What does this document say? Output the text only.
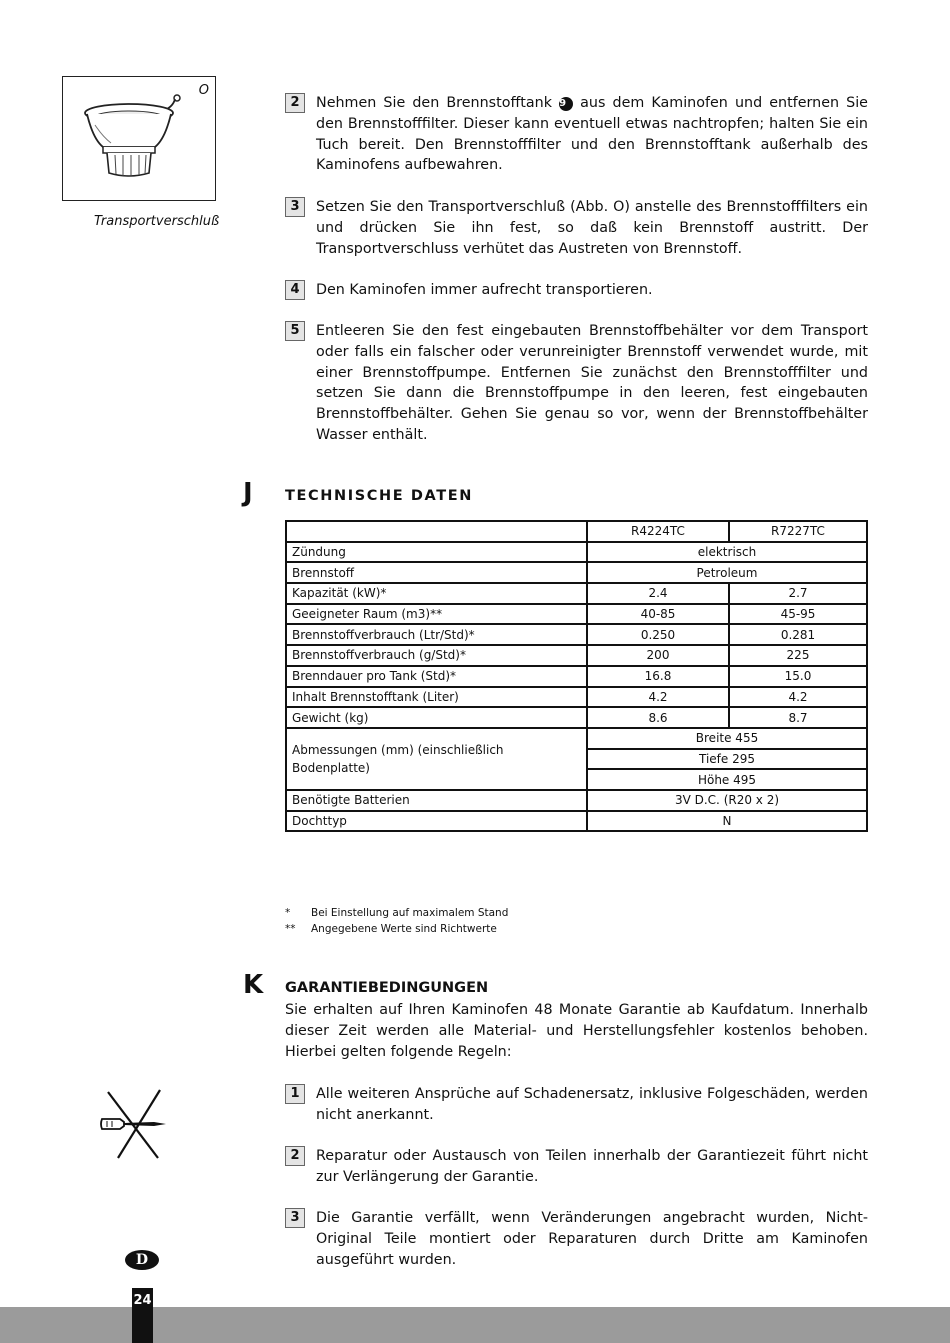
O
Transportverschluß
2	Nehmen Sie den Brennstofftank 9 aus dem Kaminofen und entfernen Sie den Brennstofffilter. Dieser kann eventuell etwas nachtropfen; halten Sie ein Tuch bereit. Den Brennstofffilter und den Brennstofftank außerhalb des Kaminofens aufbewahren.
3	Setzen Sie den Transportverschluß (Abb. O) anstelle des Brennstofffilters ein und drücken Sie ihn fest, so daß kein Brennstoff austritt. Der Transportverschluss verhütet das Austreten von Brennstoff.
4	Den Kaminofen immer aufrecht transportieren.
5	Entleeren Sie den fest eingebauten Brennstoffbehälter vor dem Transport oder falls ein falscher oder verunreinigter Brennstoff verwendet wurde, mit einer Brennstoffpumpe. Entfernen Sie zunächst den Brennstofffilter und setzen Sie dann die Brennstoffpumpe in den leeren, fest eingebauten Brennstoffbehälter. Gehen Sie genau so vor, wenn der Brennstoffbehälter Wasser enthält.
J TECHNISCHE DATEN
	R4224TC	R7227TC
Zündung	elektrisch	
Brennstoff	Petroleum	
Kapazität (kW)*	2.4	2.7
Geeigneter Raum (m3)**	40-85	45-95
Brennstoffverbrauch (Ltr/Std)*	0.250	0.281
Brennstoffverbrauch (g/Std)*	200	225
Brenndauer pro Tank (Std)*	16.8	15.0
Inhalt Brennstofftank (Liter)	4.2	4.2
Gewicht (kg)	8.6	8.7
Abmessungen (mm) (einschließlich Bodenplatte)	Breite 455	
	Tiefe 295	
	Höhe 495	
Benötigte Batterien	3V D.C. (R20 x 2)	
Dochttyp	N	
* Bei Einstellung auf maximalem Stand
** Angegebene Werte sind Richtwerte
K GARANTIEBEDINGUNGEN
Sie erhalten auf Ihren Kaminofen 48 Monate Garantie ab Kaufdatum. Innerhalb dieser Zeit werden alle Material- und Herstellungsfehler kostenlos behoben. Hierbei gelten folgende Regeln:
1	Alle weiteren Ansprüche auf Schadenersatz, inklusive Folgeschäden, werden nicht anerkannt.
2	Reparatur oder Austausch von Teilen innerhalb der Garantiezeit führt nicht zur Verlängerung der Garantie.
3	Die Garantie verfällt, wenn Veränderungen angebracht wurden, Nicht-Original Teile montiert oder Reparaturen durch Dritte am Kaminofen ausgeführt wurden.
D
24
